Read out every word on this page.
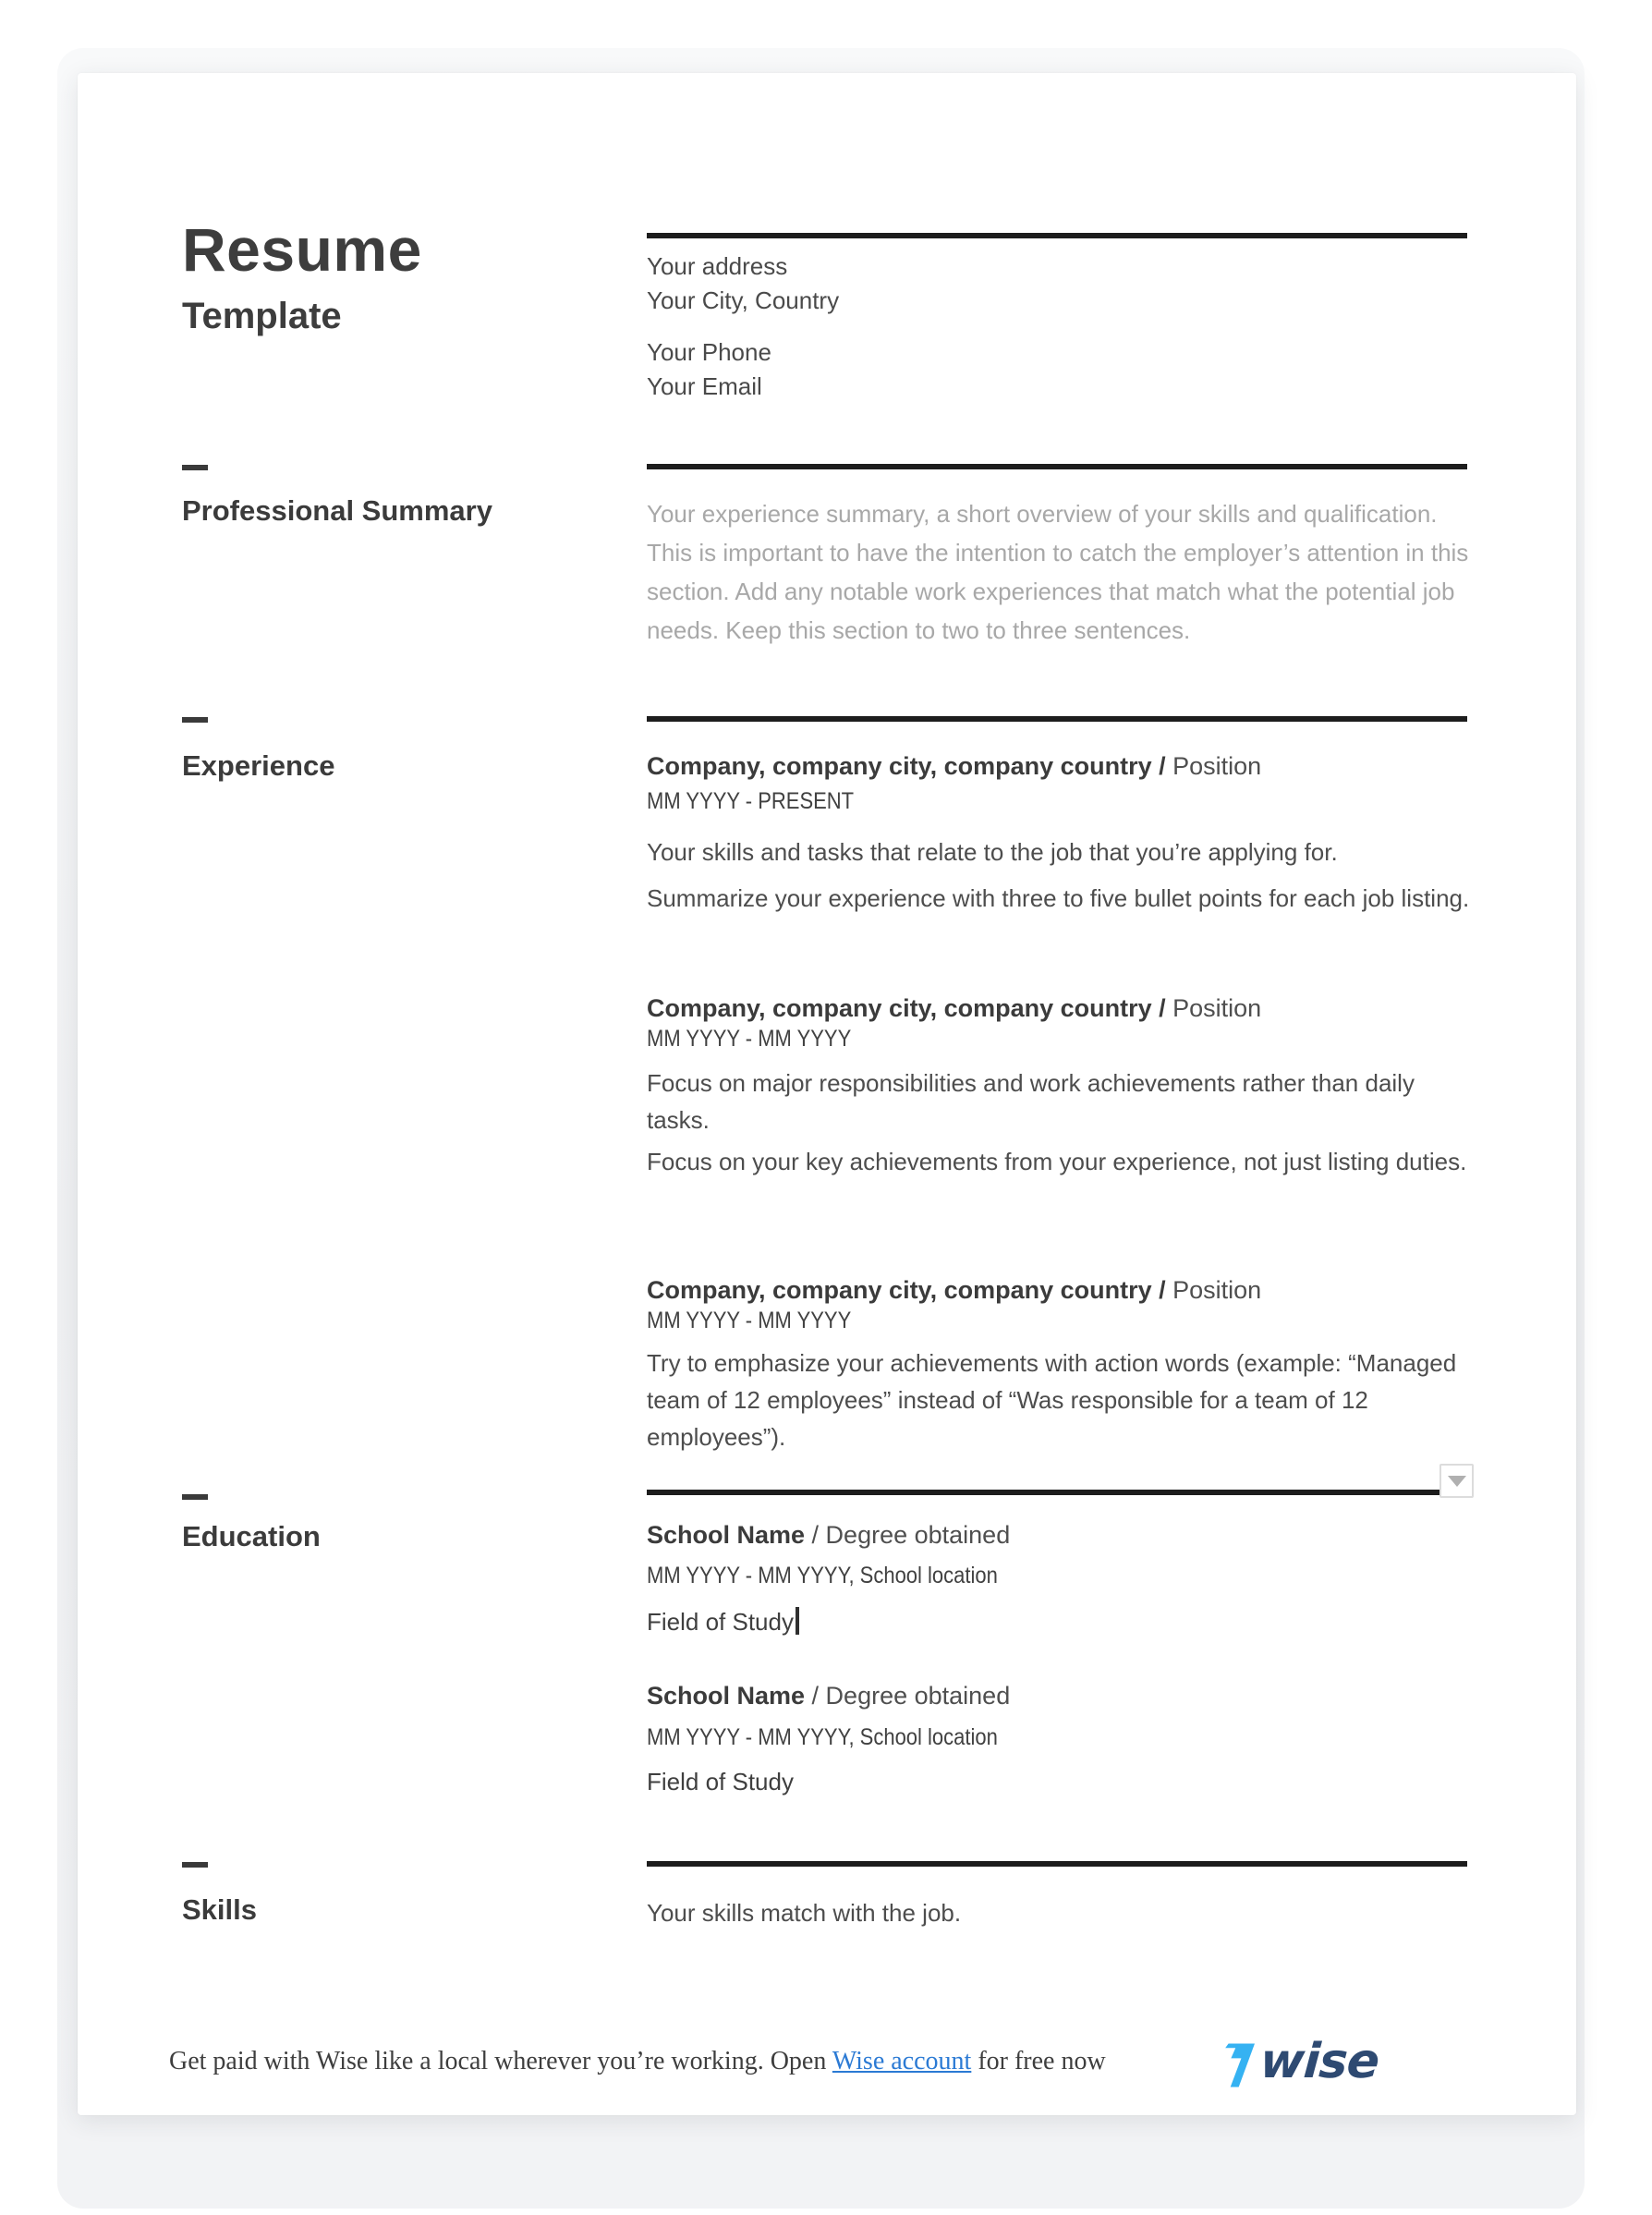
Resume
Template
Your address
Your City, Country
Your Phone
Your Email
Professional Summary	Your experience summary, a short overview of your skills and qualification. This is important to have the intention to catch the employer’s attention in this section. Add any notable work experiences that match what the potential job needs. Keep this section to two to three sentences.
Experience	Company, company city, company country / Position
MM YYYY - PRESENT
Your skills and tasks that relate to the job that you’re applying for.
Summarize your experience with three to five bullet points for each job listing.
Company, company city, company country / Position
MM YYYY - MM YYYY
Focus on major responsibilities and work achievements rather than daily tasks.
Focus on your key achievements from your experience, not just listing duties.
Company, company city, company country / Position
MM YYYY - MM YYYY
Try to emphasize your achievements with action words (example: “Managed team of 12 employees” instead of “Was responsible for a team of 12 employees”).
Education	School Name / Degree obtained
MM YYYY - MM YYYY, School location
Field of Study
School Name / Degree obtained
MM YYYY - MM YYYY, School location
Field of Study
Skills	Your skills match with the job.
Get paid with Wise like a local wherever you’re working. Open Wise account for free now	wise
